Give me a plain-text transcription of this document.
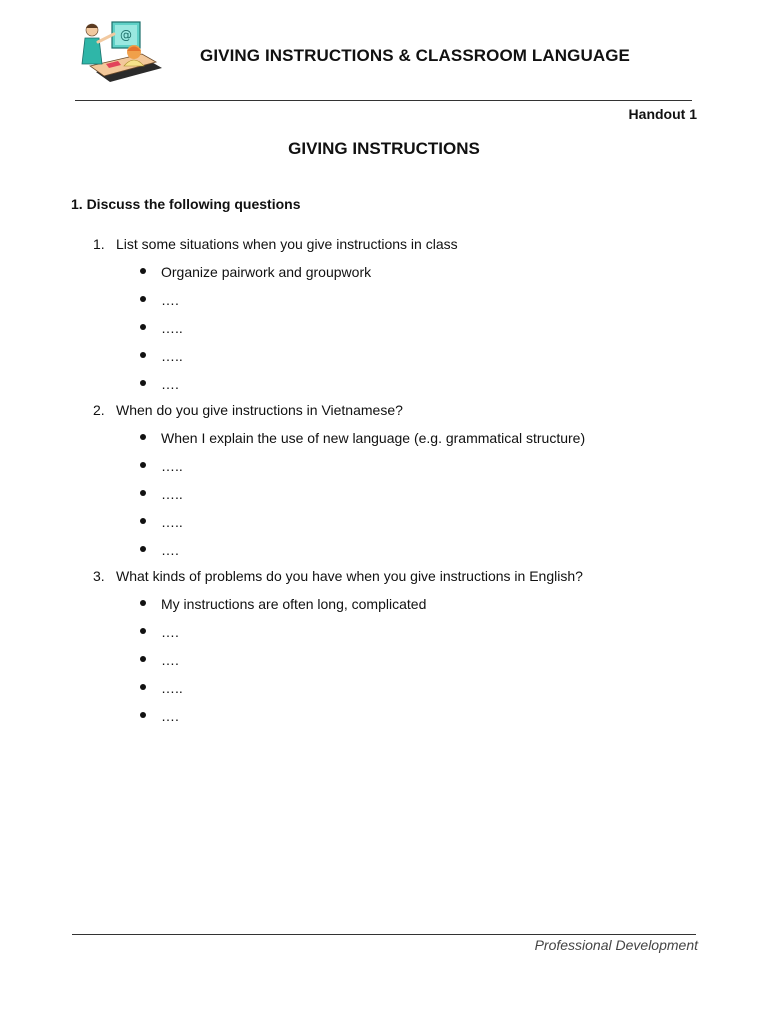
@
GIVING INSTRUCTIONS & CLASSROOM LANGUAGE
Handout 1
GIVING INSTRUCTIONS
1. Discuss the following questions
1. List some situations when you give instructions in class
Organize pairwork and groupwork
….
…..
…..
….
2. When do you give instructions in Vietnamese?
When I explain the use of new language (e.g. grammatical structure)
…..
…..
…..
….
3. What kinds of problems do you have when you give instructions in English?
My instructions are often long, complicated
….
….
…..
….
Professional Development
